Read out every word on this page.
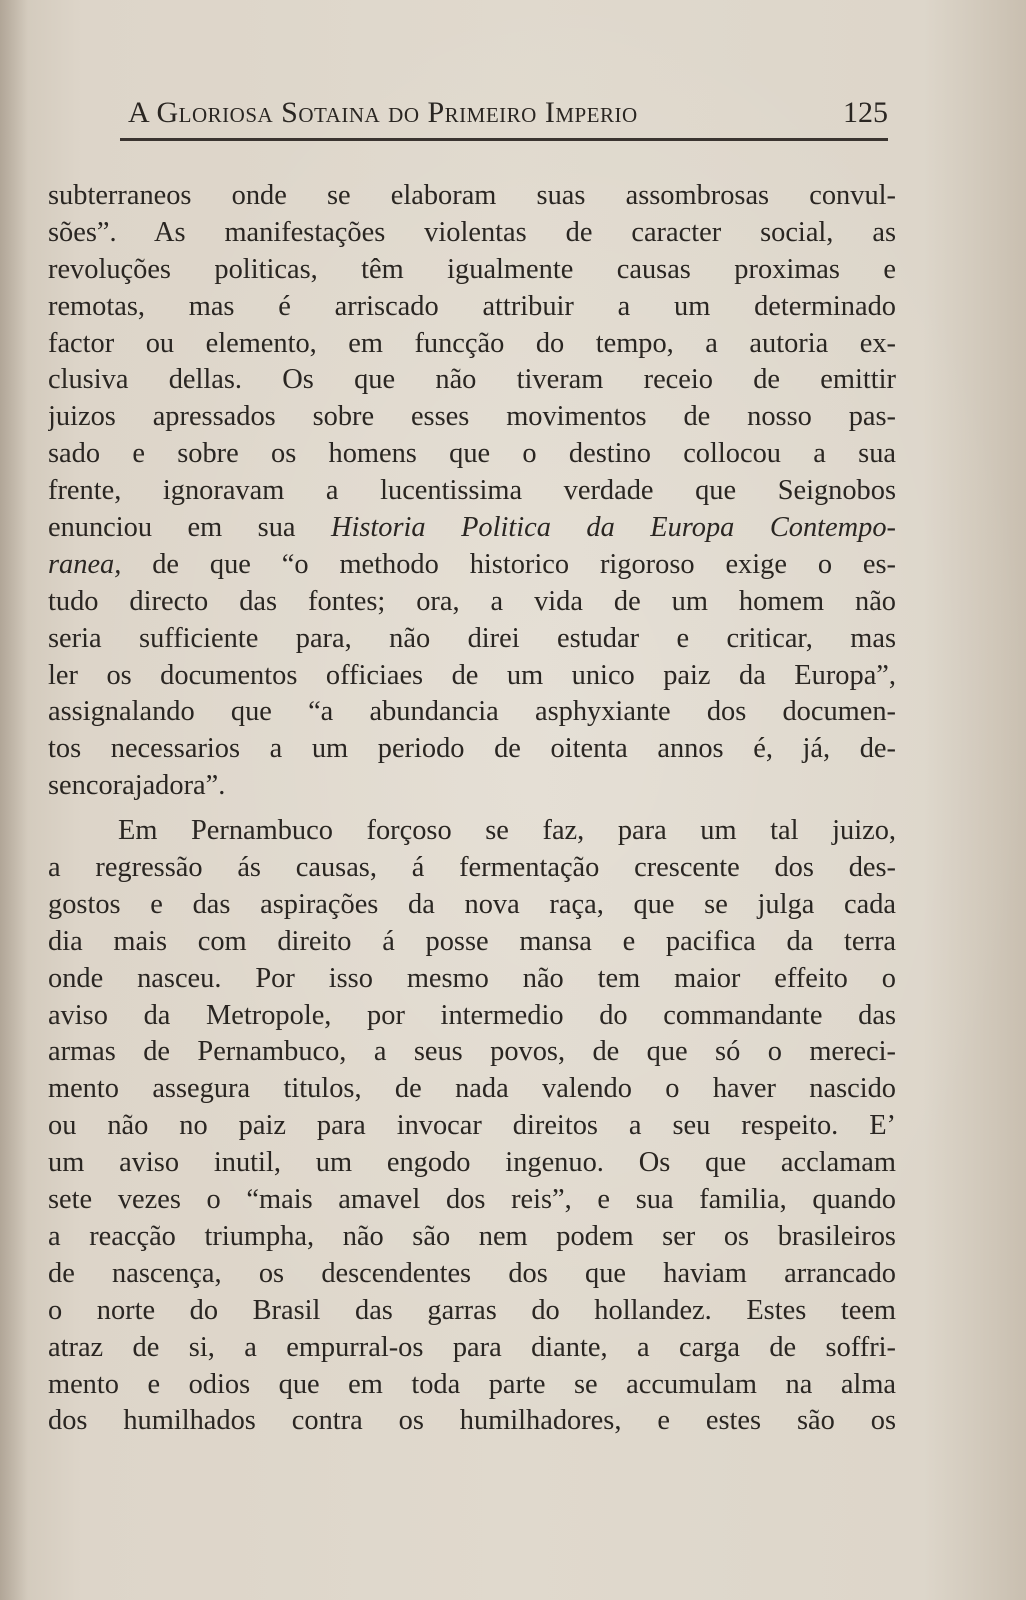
A Gloriosa Sotaina do Primeiro Imperio	125
subterraneos onde se elaboram suas assombrosas convul-
sões”. As manifestações violentas de caracter social, as
revoluções politicas, têm igualmente causas proximas e
remotas, mas é arriscado attribuir a um determinado
factor ou elemento, em funcção do tempo, a autoria ex-
clusiva dellas. Os que não tiveram receio de emittir
juizos apressados sobre esses movimentos de nosso pas-
sado e sobre os homens que o destino collocou a sua
frente, ignoravam a lucentissima verdade que Seignobos
enunciou em sua Historia Politica da Europa Contempo-
ranea, de que “o methodo historico rigoroso exige o es-
tudo directo das fontes; ora, a vida de um homem não
seria sufficiente para, não direi estudar e criticar, mas
ler os documentos officiaes de um unico paiz da Europa”,
assignalando que “a abundancia asphyxiante dos documen-
tos necessarios a um periodo de oitenta annos é, já, de-
sencorajadora”.
Em Pernambuco forçoso se faz, para um tal juizo,
a regressão ás causas, á fermentação crescente dos des-
gostos e das aspirações da nova raça, que se julga cada
dia mais com direito á posse mansa e pacifica da terra
onde nasceu. Por isso mesmo não tem maior effeito o
aviso da Metropole, por intermedio do commandante das
armas de Pernambuco, a seus povos, de que só o mereci-
mento assegura titulos, de nada valendo o haver nascido
ou não no paiz para invocar direitos a seu respeito. E’
um aviso inutil, um engodo ingenuo. Os que acclamam
sete vezes o “mais amavel dos reis”, e sua familia, quando
a reacção triumpha, não são nem podem ser os brasileiros
de nascença, os descendentes dos que haviam arrancado
o norte do Brasil das garras do hollandez. Estes teem
atraz de si, a empurral-os para diante, a carga de soffri-
mento e odios que em toda parte se accumulam na alma
dos humilhados contra os humilhadores, e estes são os
